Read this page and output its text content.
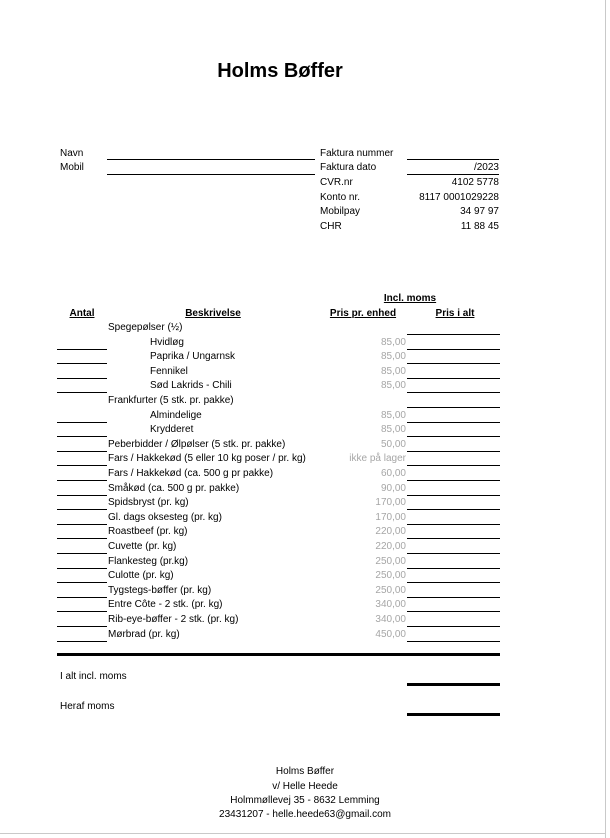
Holms Bøffer
Navn
Mobil
Faktura nummer
Faktura dato	/2023
CVR.nr	4102 5778
Konto nr.	8117 0001029228
Mobilpay	34 97 97
CHR	11 88 45
Incl. moms
Antal	Beskrivelse	Pris pr. enhed	Pris i alt
Spegepølser (½)
Hvidløg	85,00
Paprika / Ungarnsk	85,00
Fennikel	85,00
Sød Lakrids - Chili	85,00
Frankfurter (5 stk. pr. pakke)
Almindelige	85,00
Krydderet	85,00
Peberbidder / Ølpølser (5 stk. pr. pakke)	50,00
Fars / Hakkekød (5 eller 10 kg poser / pr. kg)	ikke på lager
Fars / Hakkekød (ca. 500 g pr pakke)	60,00
Småkød (ca. 500 g pr. pakke)	90,00
Spidsbryst (pr. kg)	170,00
Gl. dags oksesteg (pr. kg)	170,00
Roastbeef (pr. kg)	220,00
Cuvette (pr. kg)	220,00
Flankesteg (pr.kg)	250,00
Culotte (pr. kg)	250,00
Tygstegs-bøffer (pr. kg)	250,00
Entre Côte - 2 stk. (pr. kg)	340,00
Rib-eye-bøffer - 2 stk. (pr. kg)	340,00
Mørbrad (pr. kg)	450,00
I alt incl. moms
Heraf moms
Holms Bøffer
v/ Helle Heede
Holmmøllevej 35 - 8632 Lemming
23431207 - helle.heede63@gmail.com
